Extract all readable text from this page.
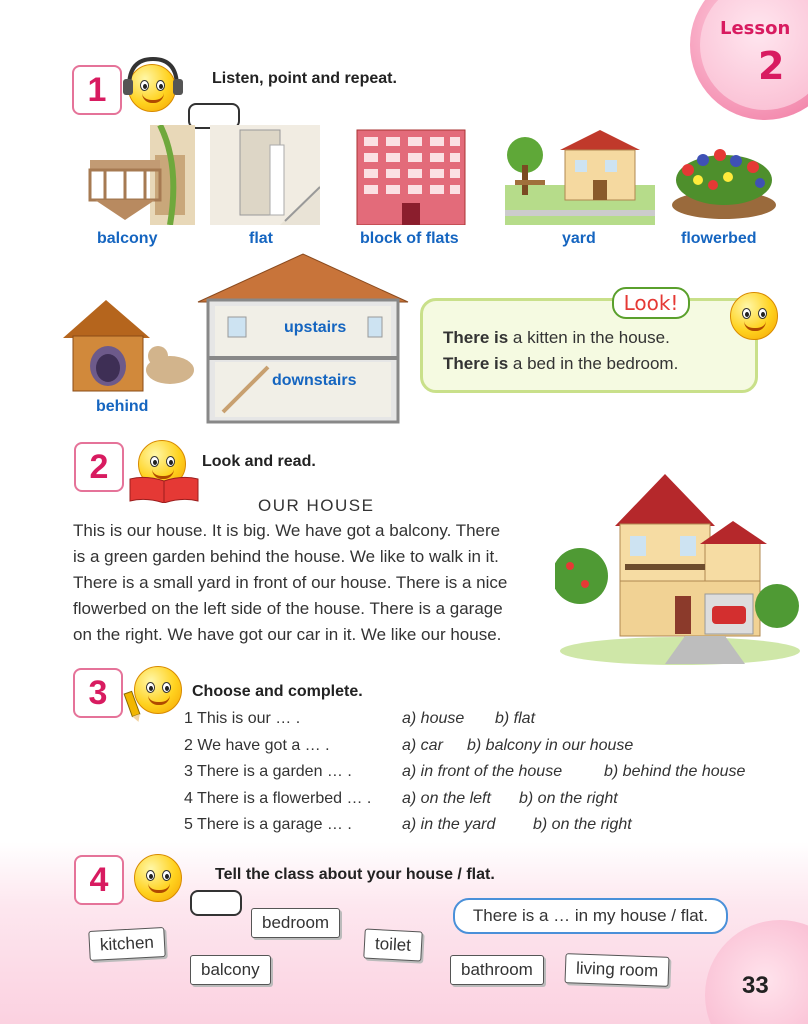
Lesson
2
1	Listen, point and repeat.
balcony	flat	block of flats	yard	flowerbed
behind
upstairs
downstairs
Look!
There is a kitten in the house.
There is a bed in the bedroom.
2	Look and read.
OUR HOUSE
This is our house. It is big. We have got a balcony. There
is a green garden behind the house. We like to walk in it.
There is a small yard in front of our house. There is a nice
flowerbed on the left side of the house. There is a garage
on the right. We have got our car in it. We like our house.
3	Choose and complete.
1 This is our … .	a) house b) flat
2 We have got a … .	a) car b) balcony in our house
3 There is a garden … .	a) in front of the house	b) behind the house
4 There is a flowerbed … . a) on the left b) on the right
5 There is a garage … .	a) in the yard b) on the right
33
4	Tell the class about your house / flat.
There is a … in my house / flat.
bedroom
kitchen	toilet
balcony	bathroom	living room
